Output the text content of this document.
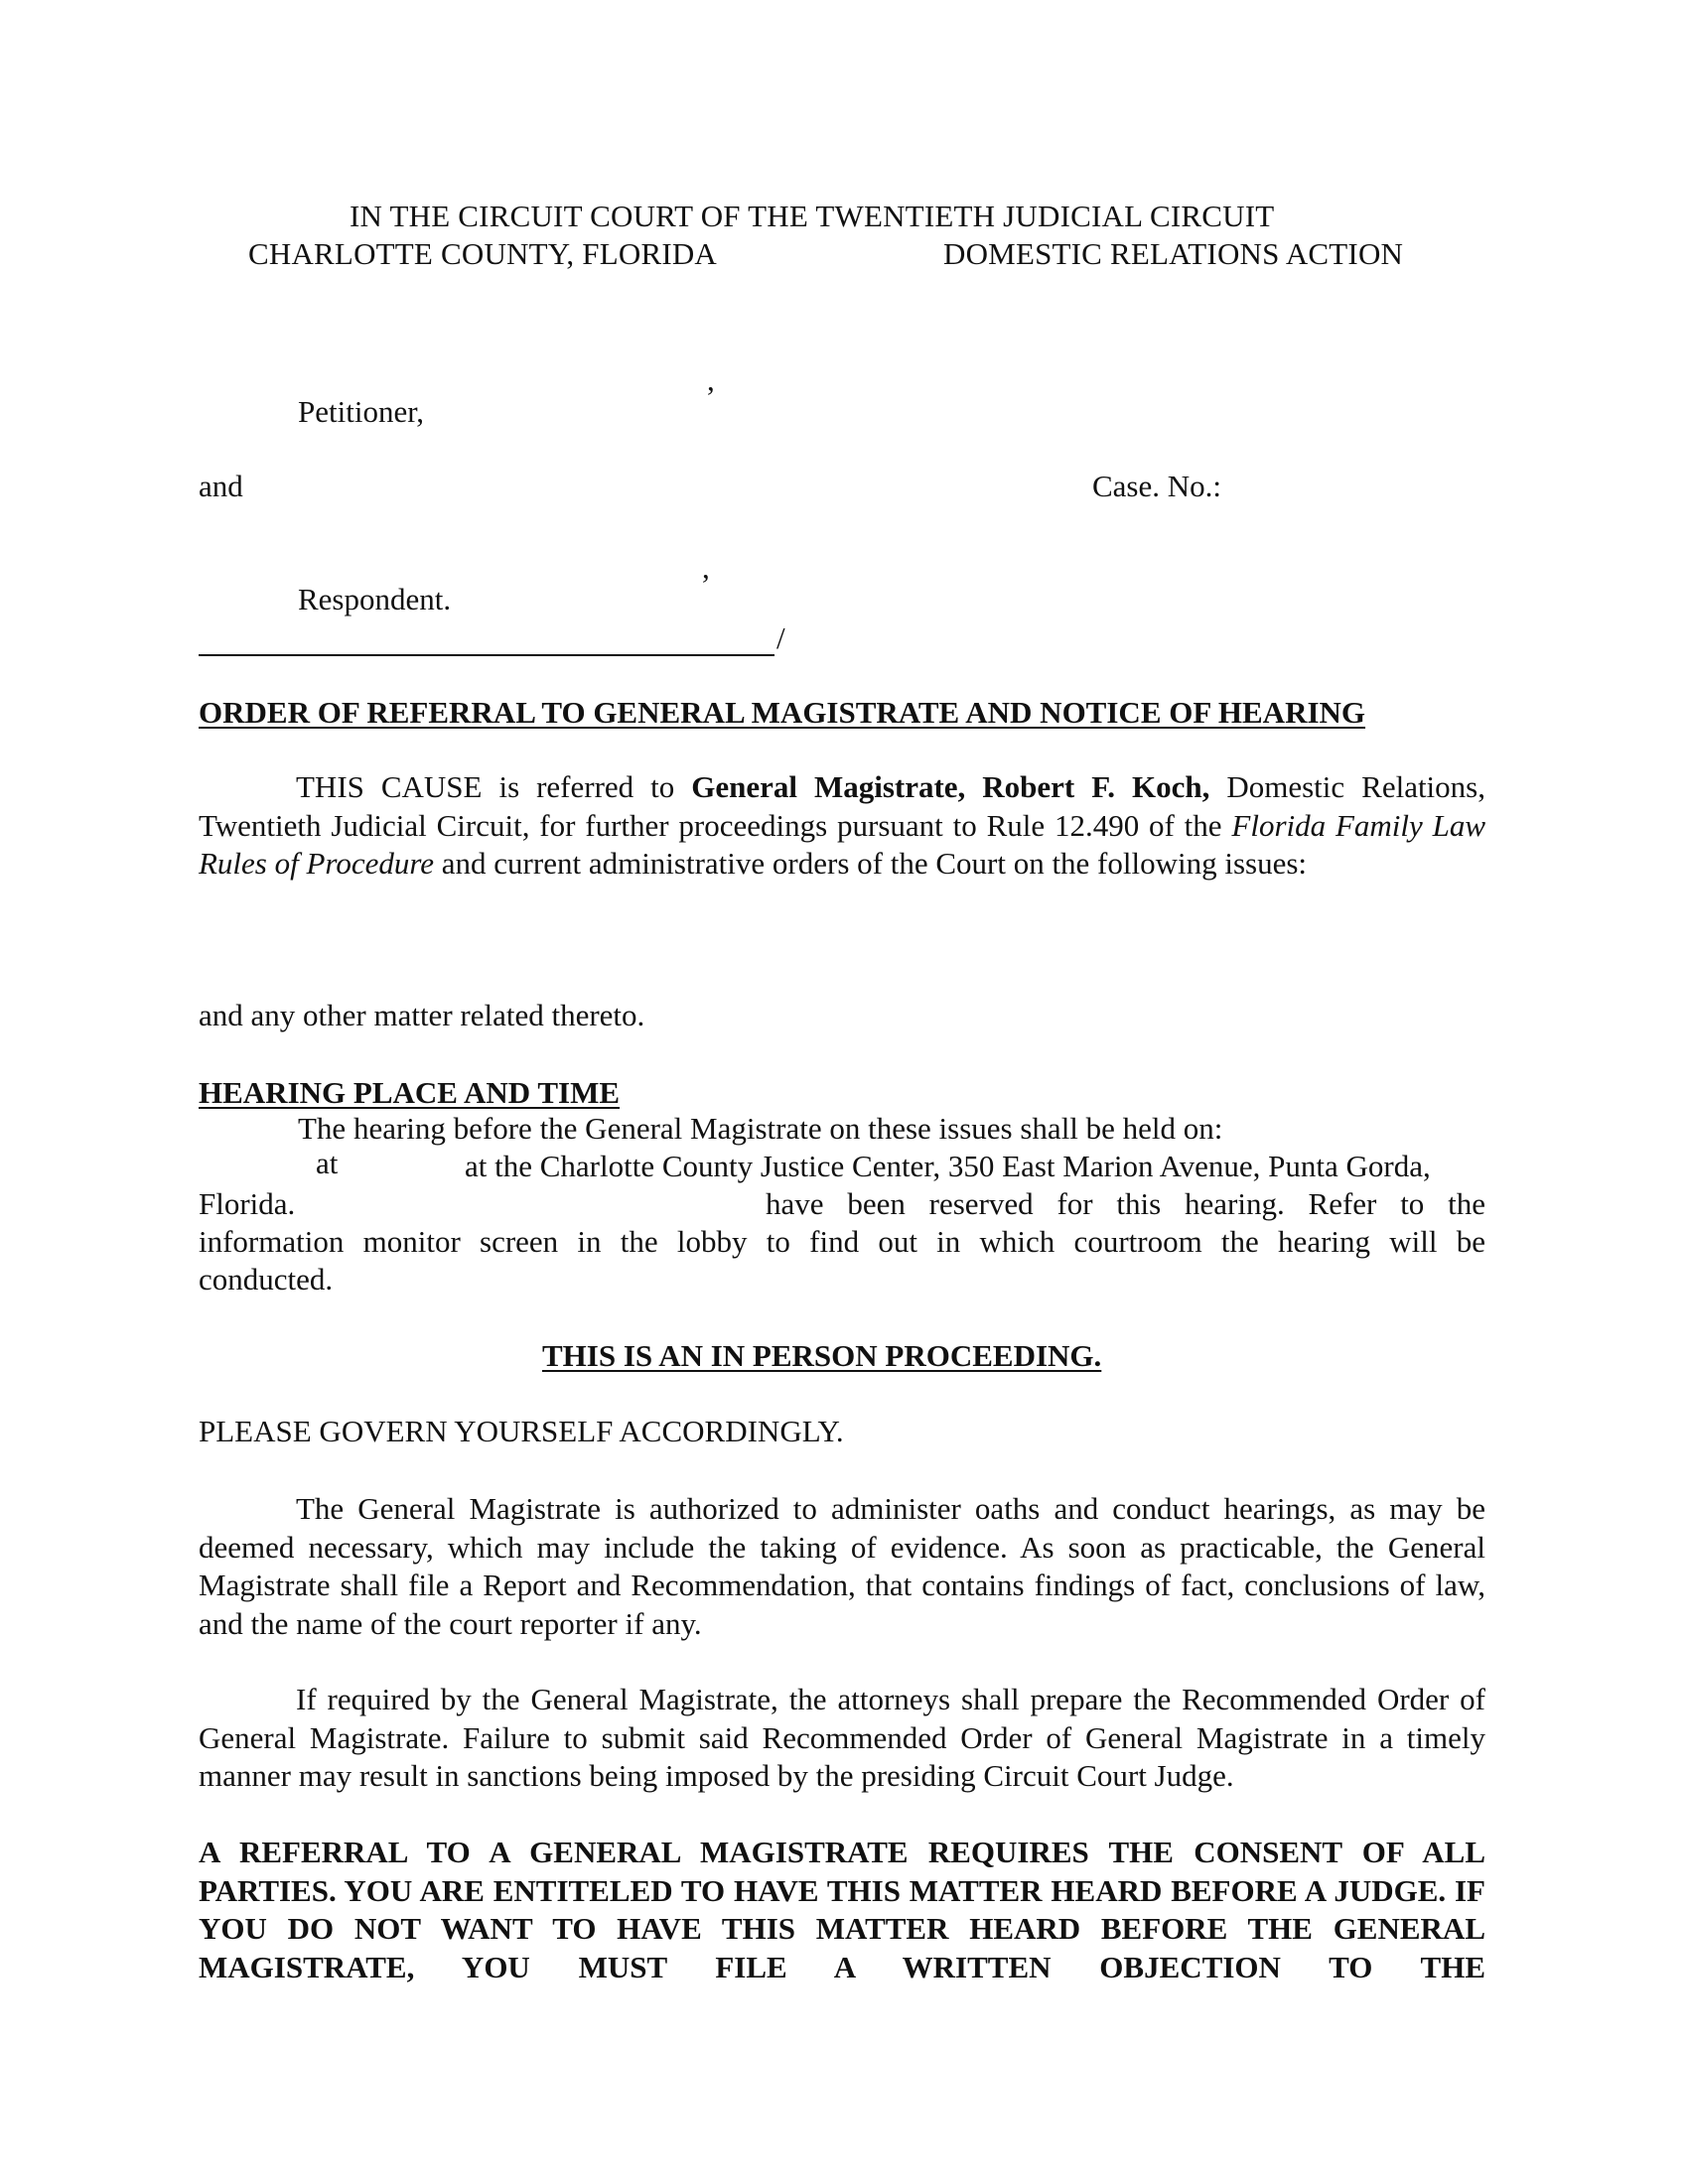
IN THE CIRCUIT COURT OF THE TWENTIETH JUDICIAL CIRCUIT
CHARLOTTE COUNTY, FLORIDA	DOMESTIC RELATIONS ACTION
,
Petitioner,
and	Case. No.:
,
Respondent.
/
ORDER OF REFERRAL TO GENERAL MAGISTRATE AND NOTICE OF HEARING
THIS CAUSE is referred to General Magistrate, Robert F. Koch, Domestic Relations, Twentieth Judicial Circuit, for further proceedings pursuant to Rule 12.490 of the Florida Family Law Rules of Procedure and current administrative orders of the Court on the following issues:
and any other matter related thereto.
HEARING PLACE AND TIME
The hearing before the General Magistrate on these issues shall be held on:
at	at the Charlotte County Justice Center, 350 East Marion Avenue, Punta Gorda,
Florida.	have been reserved for this hearing. Refer to the
information monitor screen in the lobby to find out in which courtroom the hearing will be
conducted.
THIS IS AN IN PERSON PROCEEDING.
PLEASE GOVERN YOURSELF ACCORDINGLY.
The General Magistrate is authorized to administer oaths and conduct hearings, as may be deemed necessary, which may include the taking of evidence. As soon as practicable, the General Magistrate shall file a Report and Recommendation, that contains findings of fact, conclusions of law, and the name of the court reporter if any.
If required by the General Magistrate, the attorneys shall prepare the Recommended Order of General Magistrate. Failure to submit said Recommended Order of General Magistrate in a timely manner may result in sanctions being imposed by the presiding Circuit Court Judge.
A REFERRAL TO A GENERAL MAGISTRATE REQUIRES THE CONSENT OF ALL PARTIES. YOU ARE ENTITELED TO HAVE THIS MATTER HEARD BEFORE A JUDGE. IF YOU DO NOT WANT TO HAVE THIS MATTER HEARD BEFORE THE GENERAL MAGISTRATE, YOU MUST FILE A WRITTEN OBJECTION TO THE
